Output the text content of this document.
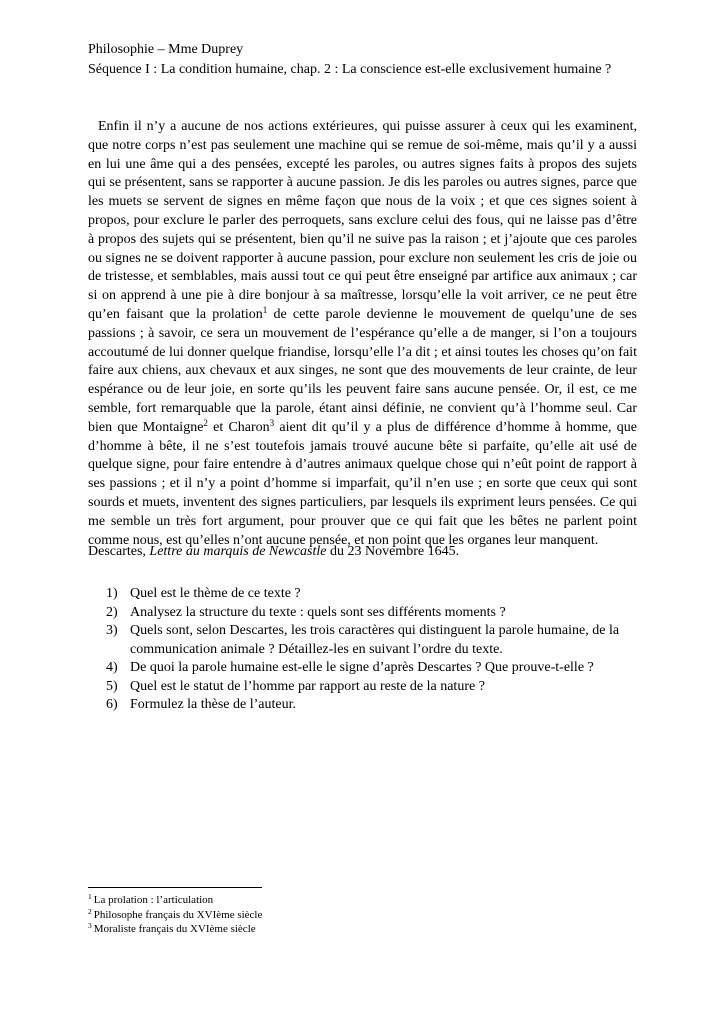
Philosophie – Mme Duprey
Séquence I : La condition humaine, chap. 2 : La conscience est-elle exclusivement humaine ?

Enfin il n’y a aucune de nos actions extérieures, qui puisse assurer à ceux qui les examinent, que notre corps n’est pas seulement une machine qui se remue de soi-même, mais qu’il y a aussi en lui une âme qui a des pensées, excepté les paroles, ou autres signes faits à propos des sujets qui se présentent, sans se rapporter à aucune passion. Je dis les paroles ou autres signes, parce que les muets se servent de signes en même façon que nous de la voix ; et que ces signes soient à propos, pour exclure le parler des perroquets, sans exclure celui des fous, qui ne laisse pas d’être à propos des sujets qui se présentent, bien qu’il ne suive pas la raison ; et j’ajoute que ces paroles ou signes ne se doivent rapporter à aucune passion, pour exclure non seulement les cris de joie ou de tristesse, et semblables, mais aussi tout ce qui peut être enseigné par artifice aux animaux ; car si on apprend à une pie à dire bonjour à sa maîtresse, lorsqu’elle la voit arriver, ce ne peut être qu’en faisant que la prolation$^1$ de cette parole devienne le mouvement de quelqu’une de ses passions ; à savoir, ce sera un mouvement de l’espérance qu’elle a de manger, si l’on a toujours accoutumé de lui donner quelque friandise, lorsqu’elle l’a dit ; et ainsi toutes les choses qu’on fait faire aux chiens, aux chevaux et aux singes, ne sont que des mouvements de leur crainte, de leur espérance ou de leur joie, en sorte qu’ils les peuvent faire sans aucune pensée. Or, il est, ce me semble, fort remarquable que la parole, étant ainsi définie, ne convient qu’à l’homme seul. Car bien que Montaigne$^2$ et Charon$^3$ aient dit qu’il y a plus de différence d’homme à homme, que d’homme à bête, il ne s’est toutefois jamais trouvé aucune bête si parfaite, qu’elle ait usé de quelque signe, pour faire entendre à d’autres animaux quelque chose qui n’eût point de rapport à ses passions ; et il n’y a point d’homme si imparfait, qu’il n’en use ; en sorte que ceux qui sont sourds et muets, inventent des signes particuliers, par lesquels ils expriment leurs pensées. Ce qui me semble un très fort argument, pour prouver que ce qui fait que les bêtes ne parlent point comme nous, est qu’elles n’ont aucune pensée, et non point que les organes leur manquent.

Descartes, Lettre au marquis de Newcastle du 23 Novembre 1645.
1) Quel est le thème de ce texte ?
2) Analysez la structure du texte : quels sont ses différents moments ?
3) Quels sont, selon Descartes, les trois caractères qui distinguent la parole humaine, de la communication animale ? Détaillez-les en suivant l’ordre du texte.
4) De quoi la parole humaine est-elle le signe d’après Descartes ? Que prouve-t-elle ?
5) Quel est le statut de l’homme par rapport au reste de la nature ?
6) Formulez la thèse de l’auteur.
$^1$ La prolation : l’articulation
$^2$ Philosophe français du XVIème siècle
$^3$ Moraliste français du XVIème siècle
